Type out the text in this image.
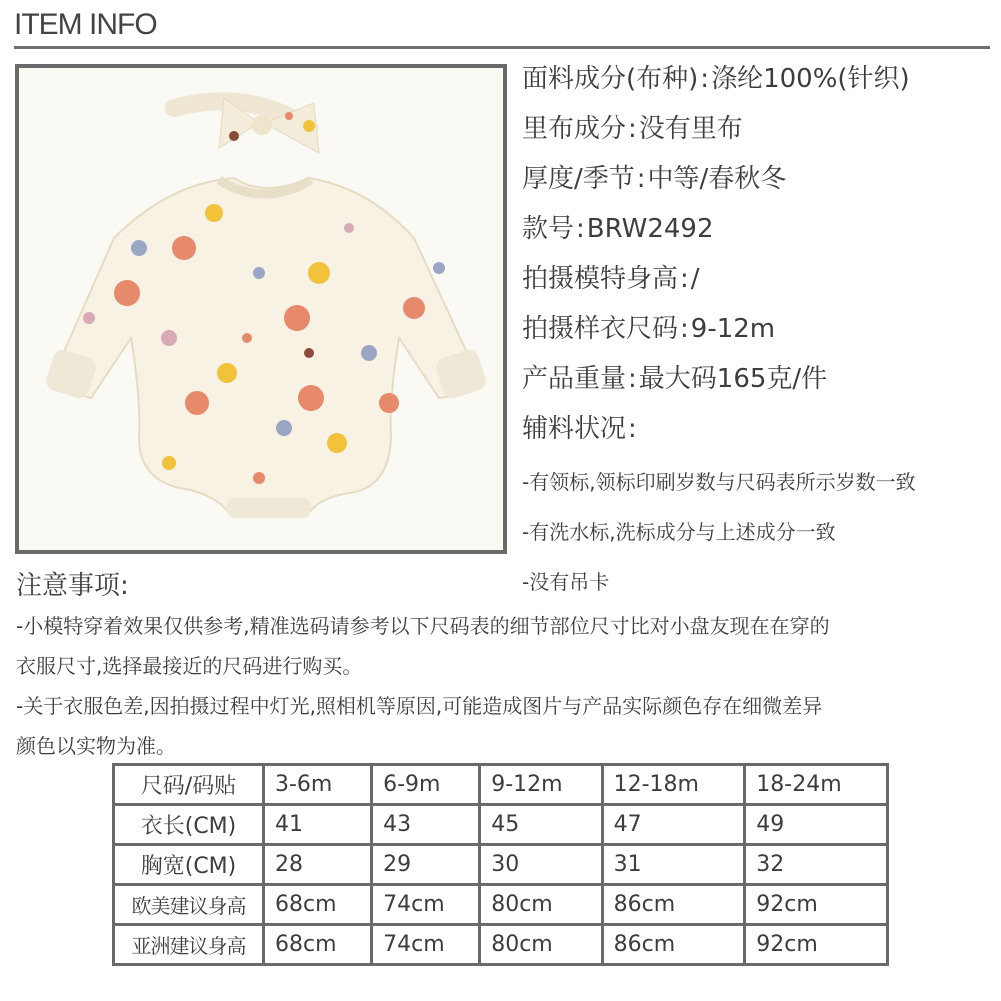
ITEM INFO
面料成分(布种):涤纶100%(针织)
里布成分:没有里布
厚度/季节:中等/春秋冬
款号:BRW2492
拍摄模特身高:/
拍摄样衣尺码:9-12m
产品重量:最大码165克/件
辅料状况:
-有领标,领标印刷岁数与尺码表所示岁数一致
-有洗水标,洗标成分与上述成分一致
-没有吊卡
注意事项:
-小模特穿着效果仅供参考,精准选码请参考以下尺码表的细节部位尺寸比对小盘友现在在穿的
衣服尺寸,选择最接近的尺码进行购买。
-关于衣服色差,因拍摄过程中灯光,照相机等原因,可能造成图片与产品实际颜色存在细微差异
颜色以实物为准。
尺码/码贴	3-6m	6-9m	9-12m	12-18m	18-24m
衣长(CM)	41	43	45	47	49
胸宽(CM)	28	29	30	31	32
欧美建议身高	68cm	74cm	80cm	86cm	92cm
亚洲建议身高	68cm	74cm	80cm	86cm	92cm
